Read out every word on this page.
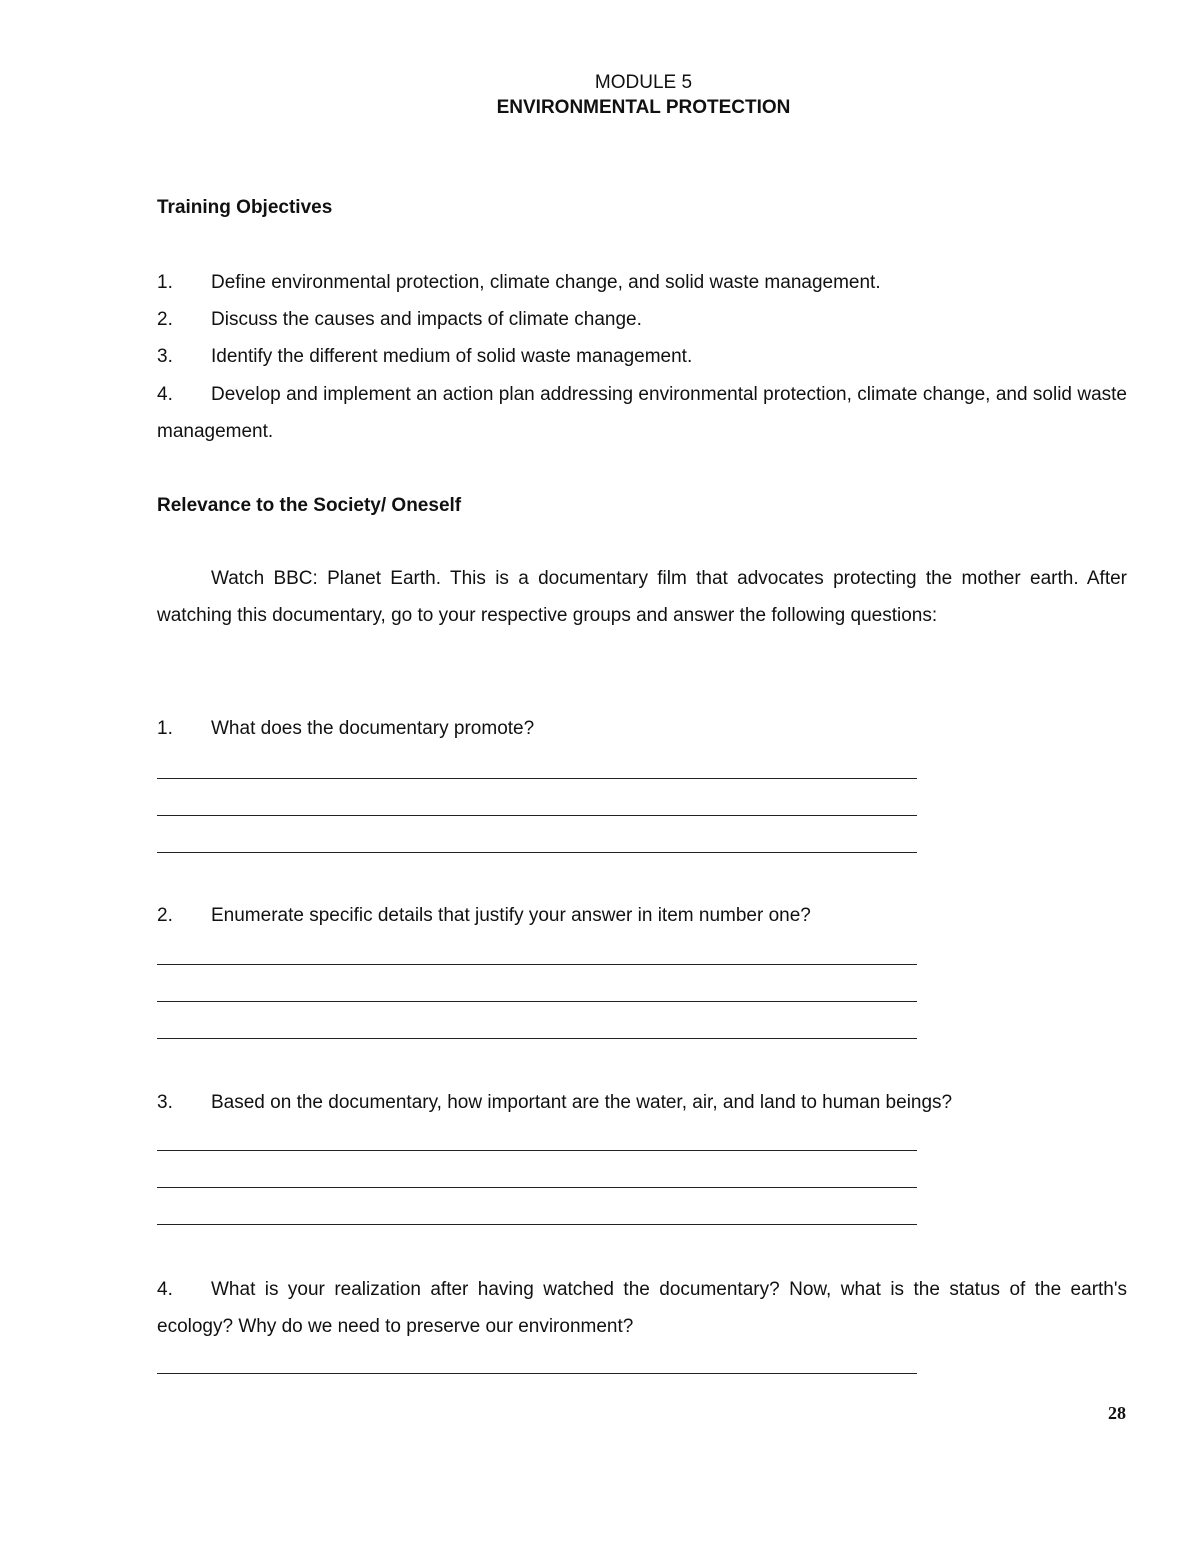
MODULE 5
ENVIRONMENTAL PROTECTION
Training Objectives
1. Define environmental protection, climate change, and solid waste management.
2. Discuss the causes and impacts of climate change.
3. Identify the different medium of solid waste management.
4. Develop and implement an action plan addressing environmental protection, climate change, and solid waste management.
Relevance to the Society/ Oneself
Watch BBC: Planet Earth. This is a documentary film that advocates protecting the mother earth. After watching this documentary, go to your respective groups and answer the following questions:
1. What does the documentary promote?
2. Enumerate specific details that justify your answer in item number one?
3. Based on the documentary, how important are the water, air, and land to human beings?
4. What is your realization after having watched the documentary? Now, what is the status of the earth's ecology? Why do we need to preserve our environment?
28
